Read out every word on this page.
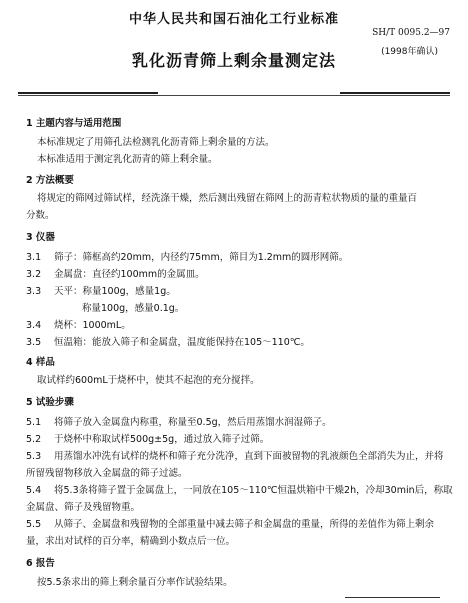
中华人民共和国石油化工行业标准
SH/T 0095.2—97
(1998年确认)
乳化沥青筛上剩余量测定法
1 主题内容与适用范围
本标准规定了用筛孔法检测乳化沥青筛上剩余量的方法。
本标准适用于测定乳化沥青的筛上剩余量。
2 方法概要
将规定的筛网过筛试样，经洗涤干燥，然后测出残留在筛网上的沥青粒状物质的量的重量百
分数。
3 仪器
3.1 筛子：筛框高约20mm，内径约75mm，筛目为1.2mm的圆形网筛。
3.2 金属盘：直径约100mm的金属皿。
3.3 天平：称量100g，感量1g。
称量100g，感量0.1g。
3.4 烧杯：1000mL。
3.5 恒温箱：能放入筛子和金属盘，温度能保持在105～110℃。
4 样品
取试样约600mL于烧杯中，使其不起泡的充分搅拌。
5 试验步骤
5.1 将筛子放入金属盘内称重，称量至0.5g，然后用蒸馏水润湿筛子。
5.2 于烧杯中称取试样500g±5g，通过放入筛子过筛。
5.3 用蒸馏水冲洗有试样的烧杯和筛子充分洗净，直到下面被留物的乳液颜色全部消失为止，并将
所留残留物移放入金属盘的筛子过滤。
5.4 将5.3条将筛子置于金属盘上，一同放在105～110℃恒温烘箱中干燥2h，冷却30min后，称取
金属盘、筛子及残留物重。
5.5 从筛子、金属盘和残留物的全部重量中减去筛子和金属盘的重量，所得的差值作为筛上剩余
量，求出对试样的百分率，精确到小数点后一位。
6 报告
按5.5条求出的筛上剩余量百分率作试验结果。
